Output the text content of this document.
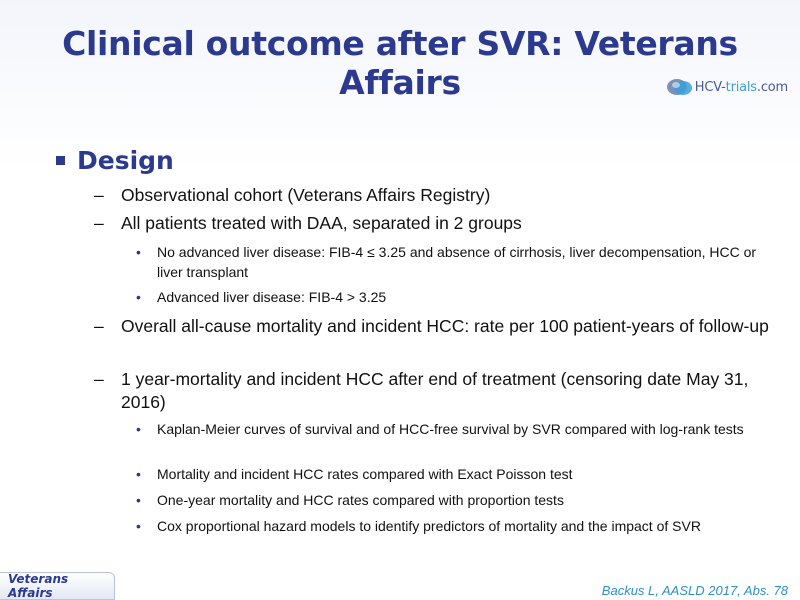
Clinical outcome after SVR: Veterans Affairs	HCV-trials.com
Design
– Observational cohort (Veterans Affairs Registry)
– All patients treated with DAA, separated in 2 groups
•	No advanced liver disease: FIB-4 ≤ 3.25 and absence of cirrhosis, liver decompensation, HCC or liver transplant
•	Advanced liver disease: FIB-4 > 3.25
– Overall all-cause mortality and incident HCC: rate per 100 patient-years of follow-up
– 1 year-mortality and incident HCC after end of treatment (censoring date May 31, 2016)
•	Kaplan-Meier curves of survival and of HCC-free survival by SVR compared with log-rank tests
•	Mortality and incident HCC rates compared with Exact Poisson test
•	One-year mortality and HCC rates compared with proportion tests
•	Cox proportional hazard models to identify predictors of mortality and the impact of SVR
Veterans Affairs	Backus L, AASLD 2017, Abs. 78
